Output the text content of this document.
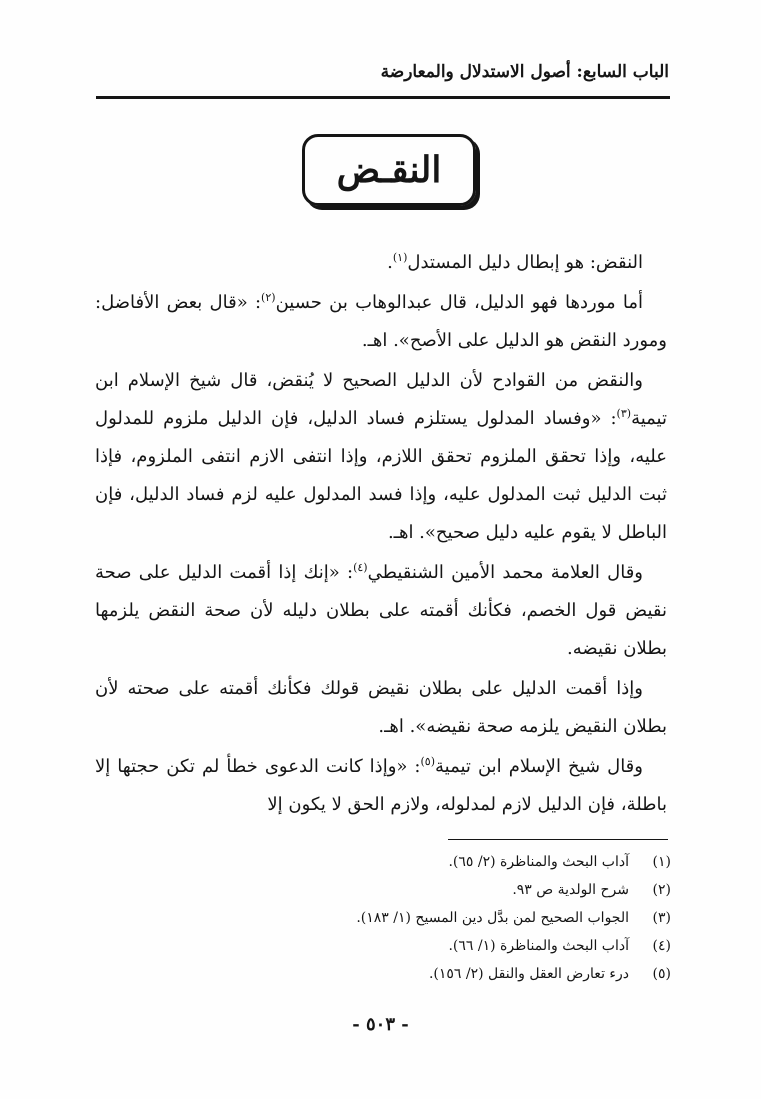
الباب السابع: أصول الاستدلال والمعارضة
النقـض

النقض: هو إبطال دليل المستدل$^{(١)}$.

أما موردها فهو الدليل، قال عبدالوهاب بن حسين$^{(٢)}$: «قال بعض الأفاضل: ومورد النقض هو الدليل على الأصح». اهـ.

والنقض من القوادح لأن الدليل الصحيح لا يُنقض، قال شيخ الإسلام ابن تيمية$^{(٣)}$: «وفساد المدلول يستلزم فساد الدليل، فإن الدليل ملزوم للمدلول عليه، وإذا تحقق الملزوم تحقق اللازم، وإذا انتفى الازم انتفى الملزوم، فإذا ثبت الدليل ثبت المدلول عليه، وإذا فسد المدلول عليه لزم فساد الدليل، فإن الباطل لا يقوم عليه دليل صحيح». اهـ.

وقال العلامة محمد الأمين الشنقيطي$^{(٤)}$: «إنك إذا أقمت الدليل على صحة نقيض قول الخصم، فكأنك أقمته على بطلان دليله لأن صحة النقض يلزمها بطلان نقيضه.

وإذا أقمت الدليل على بطلان نقيض قولك فكأنك أقمته على صحته لأن بطلان النقيض يلزمه صحة نقيضه». اهـ.

وقال شيخ الإسلام ابن تيمية$^{(٥)}$: «وإذا كانت الدعوى خطأ لم تكن حجتها إلا باطلة، فإن الدليل لازم لمدلوله، ولازم الحق لا يكون إلا

(١)
آداب البحث والمناظرة (٢/ ٦٥).
(٢)
شرح الولدية ص ٩٣.
(٣)
الجواب الصحيح لمن بدَّل دين المسيح (١/ ١٨٣).
(٤)
آداب البحث والمناظرة (١/ ٦٦).
(٥)
درء تعارض العقل والنقل (٢/ ١٥٦).
- ٥٠٣ -
